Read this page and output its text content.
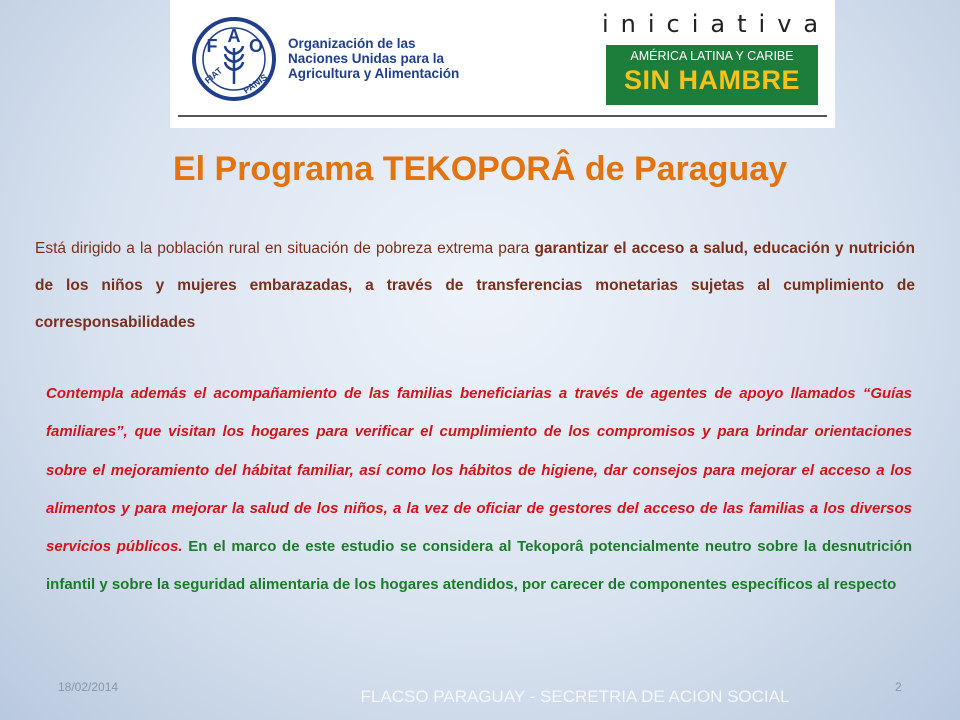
F A O
FIAT PANIS
Organización de las
Naciones Unidas para la
Agricultura y Alimentación
iniciativa
AMÉRICA LATINA Y CARIBE
SIN HAMBRE
El Programa TEKOPORÂ de Paraguay

Está dirigido a la población rural en situación de pobreza extrema para garantizar el acceso a salud, educación y nutrición de los niños y mujeres embarazadas, a través de transferencias monetarias sujetas al cumplimiento de corresponsabilidades

Contempla además el acompañamiento de las familias beneficiarias a través de agentes de apoyo llamados “Guías familiares”, que visitan los hogares para verificar el cumplimiento de los compromisos y para brindar orientaciones sobre el mejoramiento del hábitat familiar, así como los hábitos de higiene, dar consejos para mejorar el acceso a los alimentos y para mejorar la salud de los niños, a la vez de oficiar de gestores del acceso de las familias a los diversos servicios públicos. En el marco de este estudio se considera al Tekoporâ potencialmente neutro sobre la desnutrición infantil y sobre la seguridad alimentaria de los hogares atendidos, por carecer de componentes específicos al respecto

18/02/2014	FLACSO PARAGUAY - SECRETRIA DE ACION SOCIAL	2
